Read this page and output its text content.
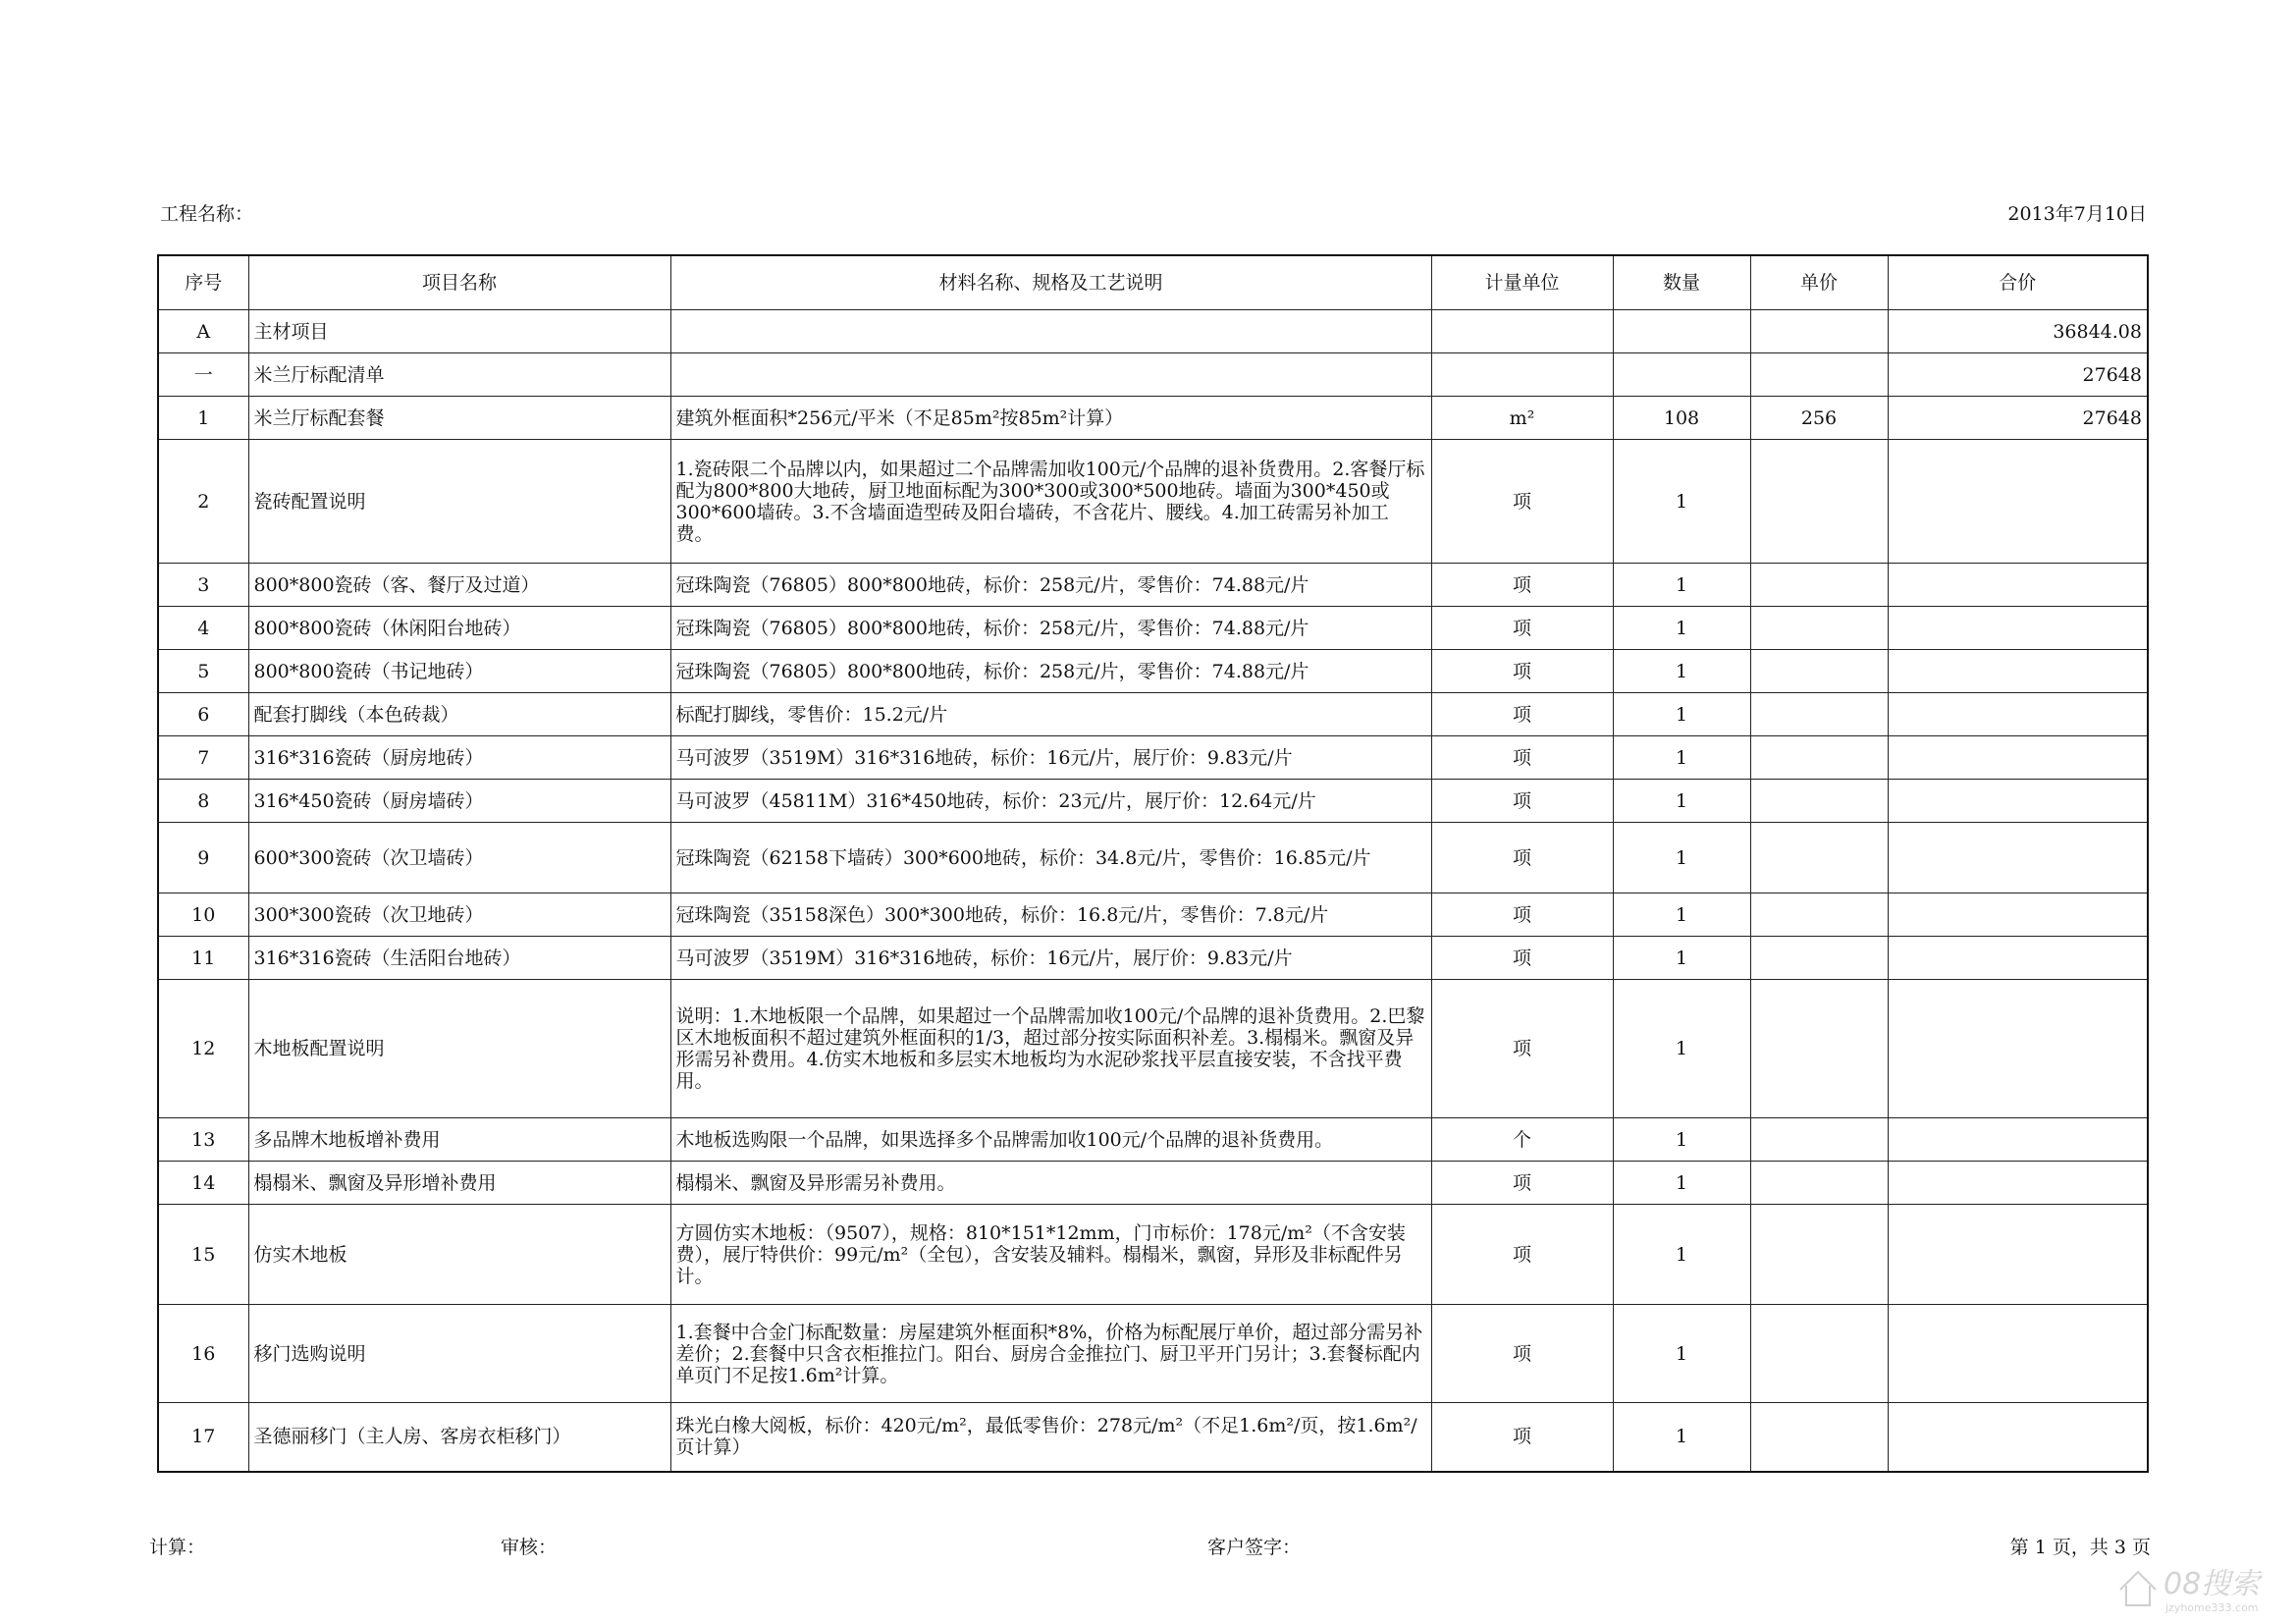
工程名称：	2013年7月10日
序号	项目名称	材料名称、规格及工艺说明	计量单位	数量	单价	合价
A	主材项目					36844.08
一	米兰厅标配清单					27648
1	米兰厅标配套餐	建筑外框面积*256元/平米（不足85m²按85m²计算）	m²	108	256	27648
2	瓷砖配置说明	1.瓷砖限二个品牌以内，如果超过二个品牌需加收100元/个品牌的退补货费用。2.客餐厅标配为800*800大地砖，厨卫地面标配为300*300或300*500地砖。墙面为300*450或300*600墙砖。3.不含墙面造型砖及阳台墙砖，不含花片、腰线。4.加工砖需另补加工费。	项	1		
3	800*800瓷砖（客、餐厅及过道）	冠珠陶瓷（76805）800*800地砖，标价：258元/片，零售价：74.88元/片	项	1		
4	800*800瓷砖（休闲阳台地砖）	冠珠陶瓷（76805）800*800地砖，标价：258元/片，零售价：74.88元/片	项	1		
5	800*800瓷砖（书记地砖）	冠珠陶瓷（76805）800*800地砖，标价：258元/片，零售价：74.88元/片	项	1		
6	配套打脚线（本色砖裁）	标配打脚线，零售价：15.2元/片	项	1		
7	316*316瓷砖（厨房地砖）	马可波罗（3519M）316*316地砖，标价：16元/片，展厅价：9.83元/片	项	1		
8	316*450瓷砖（厨房墙砖）	马可波罗（45811M）316*450地砖，标价：23元/片，展厅价：12.64元/片	项	1		
9	600*300瓷砖（次卫墙砖）	冠珠陶瓷（62158下墙砖）300*600地砖，标价：34.8元/片，零售价：16.85元/片	项	1		
10	300*300瓷砖（次卫地砖）	冠珠陶瓷（35158深色）300*300地砖，标价：16.8元/片，零售价：7.8元/片	项	1		
11	316*316瓷砖（生活阳台地砖）	马可波罗（3519M）316*316地砖，标价：16元/片，展厅价：9.83元/片	项	1		
12	木地板配置说明	说明：1.木地板限一个品牌，如果超过一个品牌需加收100元/个品牌的退补货费用。2.巴黎区木地板面积不超过建筑外框面积的1/3，超过部分按实际面积补差。3.榻榻米。飘窗及异形需另补费用。4.仿实木地板和多层实木地板均为水泥砂浆找平层直接安装，不含找平费用。	项	1		
13	多品牌木地板增补费用	木地板选购限一个品牌，如果选择多个品牌需加收100元/个品牌的退补货费用。	个	1		
14	榻榻米、飘窗及异形增补费用	榻榻米、飘窗及异形需另补费用。	项	1		
15	仿实木地板	方圆仿实木地板：（9507），规格：810*151*12mm，门市标价：178元/m²（不含安装费），展厅特供价：99元/m²（全包），含安装及辅料。榻榻米，飘窗，异形及非标配件另计。	项	1		
16	移门选购说明	1.套餐中合金门标配数量：房屋建筑外框面积*8%，价格为标配展厅单价，超过部分需另补差价；2.套餐中只含衣柜推拉门。阳台、厨房合金推拉门、厨卫平开门另计；3.套餐标配内单页门不足按1.6m²计算。	项	1		
17	圣德丽移门（主人房、客房衣柜移门）	珠光白橡大阅板，标价：420元/m²，最低零售价：278元/m²（不足1.6m²/页，按1.6m²/页计算）	项	1		
计算：	审核：	客户签字：	第 1 页，共 3 页
08搜索
jzyhome333.com
